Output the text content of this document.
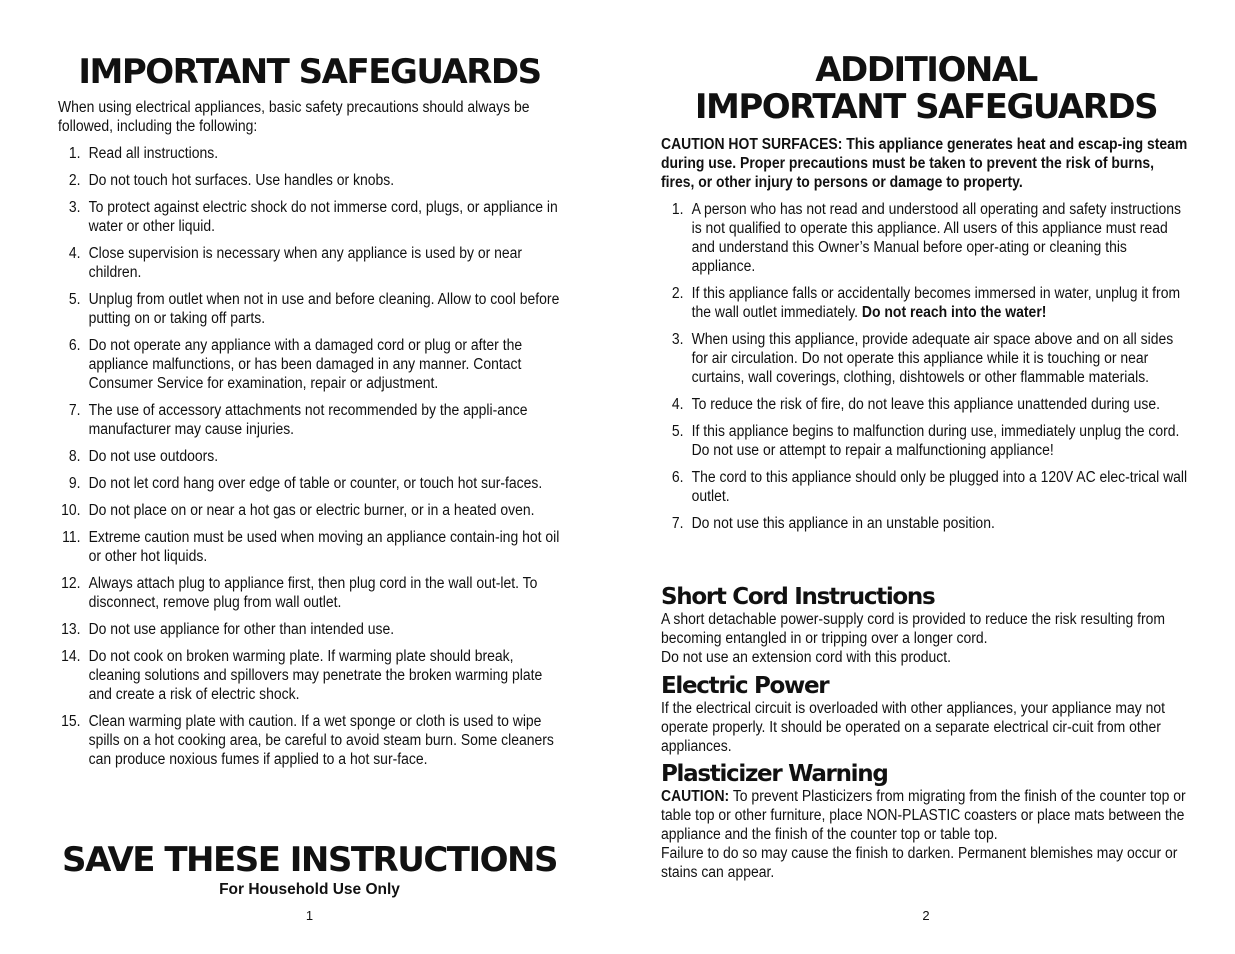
IMPORTANT SAFEGUARDS
When using electrical appliances, basic safety precautions should always be followed, including the following:
1. Read all instructions.
2. Do not touch hot surfaces. Use handles or knobs.
3. To protect against electric shock do not immerse cord, plugs, or appliance in water or other liquid.
4. Close supervision is necessary when any appliance is used by or near children.
5. Unplug from outlet when not in use and before cleaning. Allow to cool before putting on or taking off parts.
6. Do not operate any appliance with a damaged cord or plug or after the appliance malfunctions, or has been damaged in any manner. Contact Consumer Service for examination, repair or adjustment.
7. The use of accessory attachments not recommended by the appli-ance manufacturer may cause injuries.
8. Do not use outdoors.
9. Do not let cord hang over edge of table or counter, or touch hot sur-faces.
10. Do not place on or near a hot gas or electric burner, or in a heated oven.
11. Extreme caution must be used when moving an appliance contain-ing hot oil or other hot liquids.
12. Always attach plug to appliance first, then plug cord in the wall out-let. To disconnect, remove plug from wall outlet.
13. Do not use appliance for other than intended use.
14. Do not cook on broken warming plate. If warming plate should break, cleaning solutions and spillovers may penetrate the broken warming plate and create a risk of electric shock.
15. Clean warming plate with caution. If a wet sponge or cloth is used to wipe spills on a hot cooking area, be careful to avoid steam burn. Some cleaners can produce noxious fumes if applied to a hot sur-face.
SAVE THESE INSTRUCTIONS
For Household Use Only
1
ADDITIONAL
IMPORTANT SAFEGUARDS
CAUTION HOT SURFACES: This appliance generates heat and escap-ing steam during use. Proper precautions must be taken to prevent the risk of burns, fires, or other injury to persons or damage to property.
1. A person who has not read and understood all operating and safety instructions is not qualified to operate this appliance. All users of this appliance must read and understand this Owner’s Manual before oper-ating or cleaning this appliance.
2. If this appliance falls or accidentally becomes immersed in water, unplug it from the wall outlet immediately. Do not reach into the water!
3. When using this appliance, provide adequate air space above and on all sides for air circulation. Do not operate this appliance while it is touching or near curtains, wall coverings, clothing, dishtowels or other flammable materials.
4. To reduce the risk of fire, do not leave this appliance unattended during use.
5. If this appliance begins to malfunction during use, immediately unplug the cord. Do not use or attempt to repair a malfunctioning appliance!
6. The cord to this appliance should only be plugged into a 120V AC elec-trical wall outlet.
7. Do not use this appliance in an unstable position.
Short Cord Instructions

A short detachable power-supply cord is provided to reduce the risk resulting from becoming entangled in or tripping over a longer cord.

Do not use an extension cord with this product.

Electric Power

If the electrical circuit is overloaded with other appliances, your appliance may not operate properly. It should be operated on a separate electrical cir-cuit from other appliances.

Plasticizer Warning

CAUTION: To prevent Plasticizers from migrating from the finish of the counter top or table top or other furniture, place NON-PLASTIC coasters or place mats between the appliance and the finish of the counter top or table top.

Failure to do so may cause the finish to darken. Permanent blemishes may occur or stains can appear.

2
